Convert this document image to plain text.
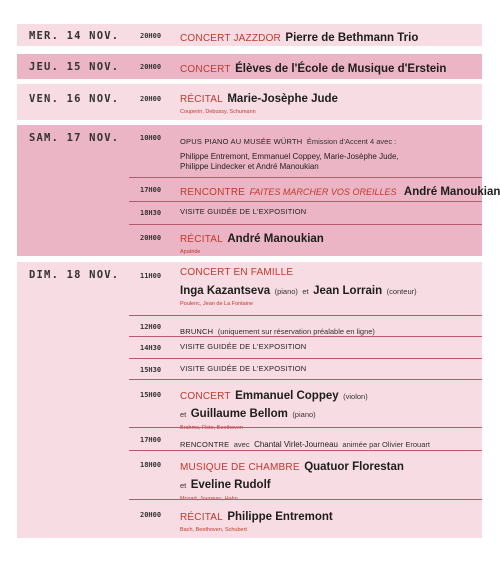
MER. 14 NOV.	20H00 CONCERT JAZZDOR Pierre de Bethmann Trio
JEU. 15 NOV.	20H00 CONCERT Élèves de l'École de Musique d'Erstein
VEN. 16 NOV.	20H00 RÉCITAL Marie-Josèphe Jude
Couperin, Debussy, Schumann
SAM. 17 NOV.	10H00	OPUS PIANO AU MUSÉE WÜRTH Émission d'Accent 4 avec :
Philippe Entremont, Emmanuel Coppey, Marie-Josèphe Jude,
Philippe Lindecker et André Manoukian
17H00 RENCONTRE FAITES MARCHER VOS OREILLES André Manoukian
18H30	VISITE GUIDÉE DE L'EXPOSITION
20H00 RÉCITAL André Manoukian
Apatride
DIM. 18 NOV.	11H00 CONCERT EN FAMILLE
Inga Kazantseva (piano) et Jean Lorrain (conteur)
Poulenc, Jean de La Fontaine
12H00	BRUNCH (uniquement sur réservation préalable en ligne)
14H30	VISITE GUIDÉE DE L'EXPOSITION
15H30	VISITE GUIDÉE DE L'EXPOSITION
15H00 CONCERT Emmanuel Coppey (violon)
et Guillaume Bellom (piano)
17H00	RENCONTRE avec Chantal Virlet-Journeau animée par Olivier Erouart
18H00 MUSIQUE DE CHAMBRE Quatuor Florestan
et Eveline Rudolf
20H00 RÉCITAL Philippe Entremont
Bach, Beethoven, Schubert
